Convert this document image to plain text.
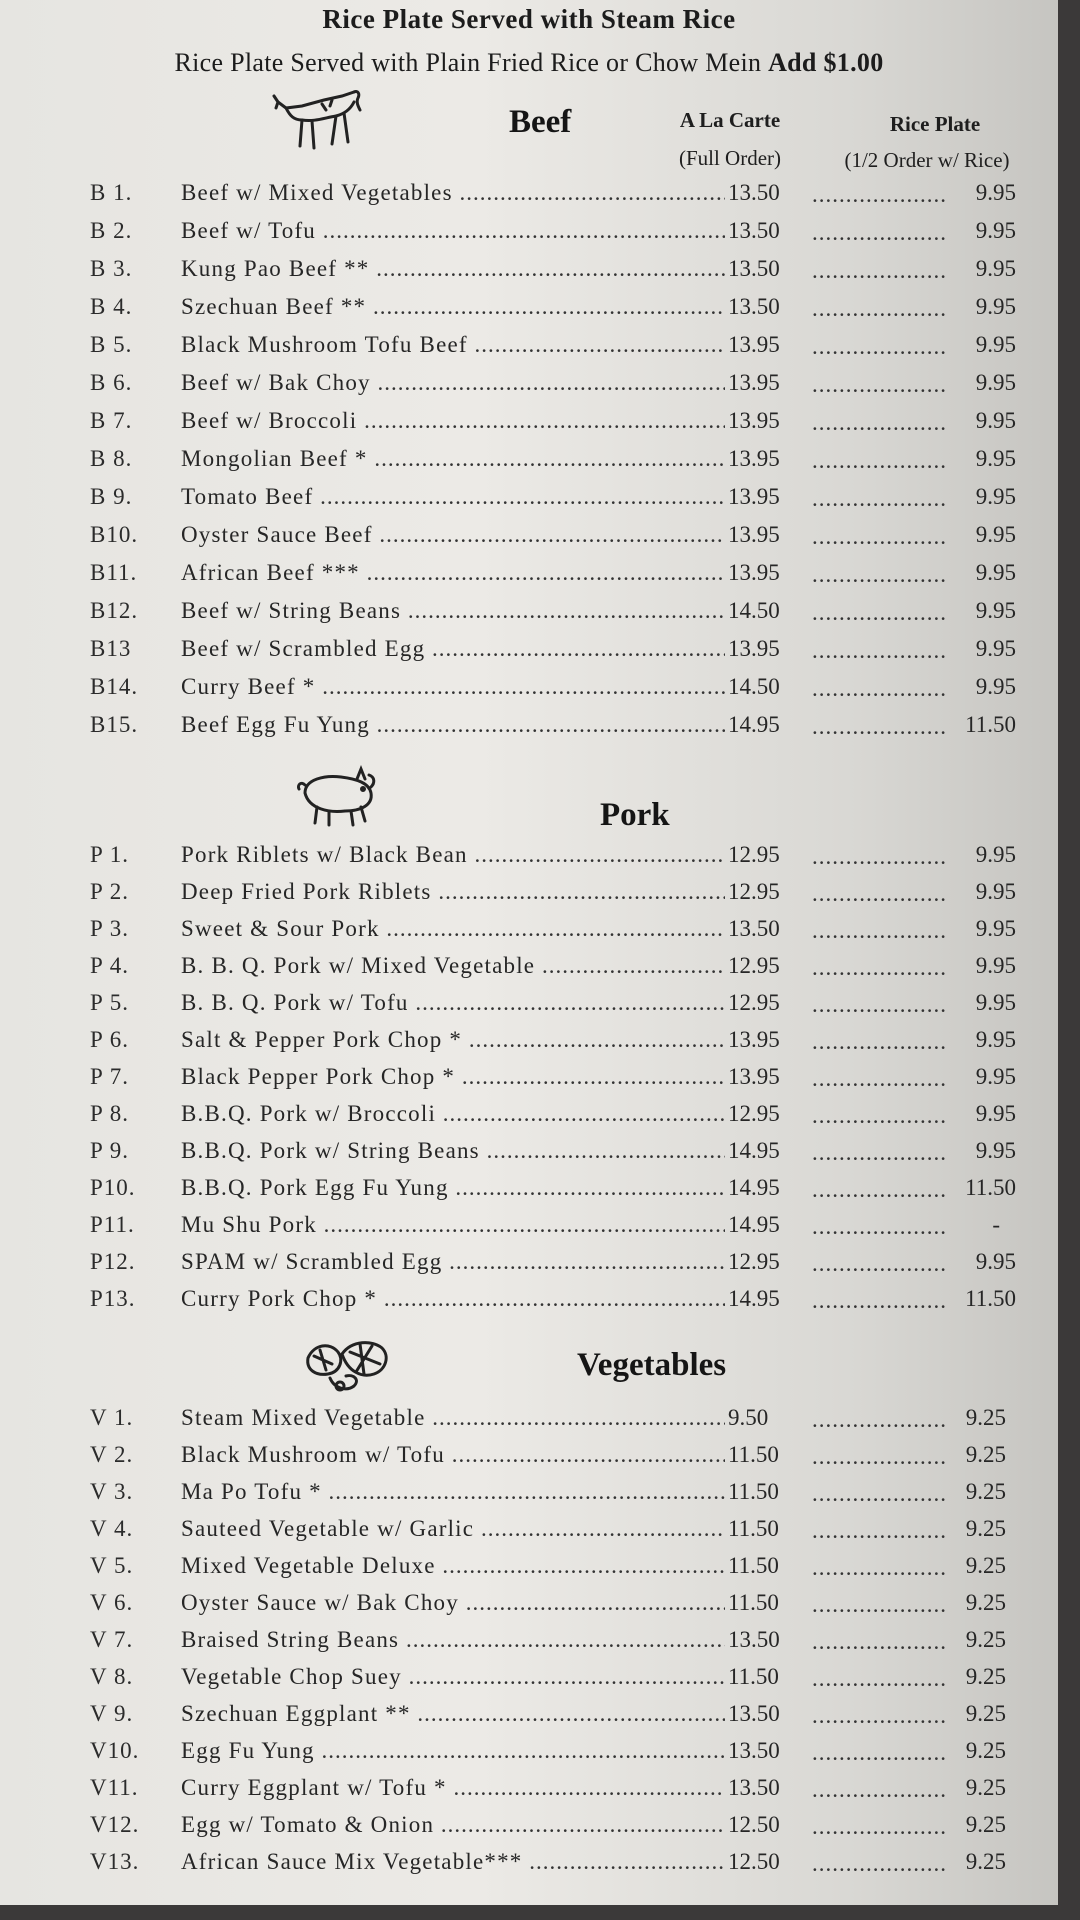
Rice Plate Served with Steam Rice
Rice Plate Served with Plain Fried Rice or Chow Mein Add $1.00
Beef	A La Carte
(Full Order)
Rice Plate
(1/2 Order w/ Rice)
B 1.	Beef w/ Mixed Vegetables .....	13.50 .....	9.95
B 2.	Beef w/ Tofu .....	13.50 .....	9.95
B 3.	Kung Pao Beef ** .....	13.50 .....	9.95
B 4.	Szechuan Beef ** .....	13.50 .....	9.95
B 5.	Black Mushroom Tofu Beef .....	13.95 .....	9.95
B 6.	Beef w/ Bak Choy .....	13.95 .....	9.95
B 7.	Beef w/ Broccoli .....	13.95 .....	9.95
B 8.	Mongolian Beef * .....	13.95 .....	9.95
B 9.	Tomato Beef .....	13.95 .....	9.95
B10.	Oyster Sauce Beef .....	13.95 .....	9.95
B11.	African Beef *** .....	13.95 .....	9.95
B12.	Beef w/ String Beans .....	14.50 .....	9.95
B13	Beef w/ Scrambled Egg .....	13.95 .....	9.95
B14.	Curry Beef * .....	14.50 .....	9.95
B15.	Beef Egg Fu Yung .....	14.95 .....	11.50
Pork
P 1.	Pork Riblets w/ Black Bean .....	12.95 .....	9.95
P 2.	Deep Fried Pork Riblets .....	12.95 .....	9.95
P 3.	Sweet & Sour Pork .....	13.50 .....	9.95
P 4.	B. B. Q. Pork w/ Mixed Vegetable .....	12.95 .....	9.95
P 5.	B. B. Q. Pork w/ Tofu .....	12.95 .....	9.95
P 6.	Salt & Pepper Pork Chop * .....	13.95 .....	9.95
P 7.	Black Pepper Pork Chop * .....	13.95 .....	9.95
P 8.	B.B.Q. Pork w/ Broccoli .....	12.95 .....	9.95
P 9.	B.B.Q. Pork w/ String Beans .....	14.95 .....	9.95
P10.	B.B.Q. Pork Egg Fu Yung .....	14.95 .....	11.50
P11.	Mu Shu Pork .....	14.95 .....	-
P12.	SPAM w/ Scrambled Egg .....	12.95 .....	9.95
P13.	Curry Pork Chop * .....	14.95 .....	11.50
Vegetables
V 1.	Steam Mixed Vegetable .....	9.50 .....	9.25
V 2.	Black Mushroom w/ Tofu .....	11.50 .....	9.25
V 3.	Ma Po Tofu * .....	11.50 .....	9.25
V 4.	Sauteed Vegetable w/ Garlic .....	11.50 .....	9.25
V 5.	Mixed Vegetable Deluxe .....	11.50 .....	9.25
V 6.	Oyster Sauce w/ Bak Choy .....	11.50 .....	9.25
V 7.	Braised String Beans .....	13.50 .....	9.25
V 8.	Vegetable Chop Suey .....	11.50 .....	9.25
V 9.	Szechuan Eggplant ** .....	13.50 .....	9.25
V10.	Egg Fu Yung .....	13.50 .....	9.25
V11.	Curry Eggplant w/ Tofu * .....	13.50 .....	9.25
V12.	Egg w/ Tomato & Onion .....	12.50 .....	9.25
V13.	African Sauce Mix Vegetable*** .....	12.50 .....	9.25
